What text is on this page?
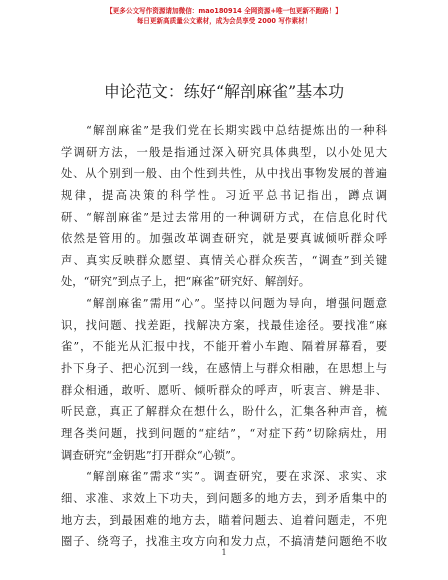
【更多公文写作资源请加微信：mao180914 全网资源+唯一包更新不跑路！】
每日更新高质量公文素材，成为会员享受 2000 写作素材！
申论范文：练好“解剖麻雀”基本功
　　“解剖麻雀”是我们党在长期实践中总结提炼出的一种科
学调研方法，一般是指通过深入研究具体典型，以小处见大
处、从个别到一般、由个性到共性，从中找出事物发展的普遍
规律，提高决策的科学性。习近平总书记指出，蹲点调
研、“解剖麻雀”是过去常用的一种调研方式，在信息化时代
依然是管用的。加强改革调查研究，就是要真诚倾听群众呼
声、真实反映群众愿望、真情关心群众疾苦，“调查”到关键
处，“研究”到点子上，把“麻雀”研究好、解剖好。
　　“解剖麻雀”需用“心”。坚持以问题为导向，增强问题意
识，找问题、找差距，找解决方案，找最佳途径。要找准“麻
雀”，不能光从汇报中找，不能开着小车跑、隔着屏幕看，要
扑下身子、把心沉到一线，在感情上与群众相融，在思想上与
群众相通，敢听、愿听、倾听群众的呼声，听衷言、辨是非、
听民意，真正了解群众在想什么，盼什么，汇集各种声音，梳
理各类问题，找到问题的“症结”，“对症下药”切除病灶，用
调查研究“金钥匙”打开群众“心锁”。
　　“解剖麻雀”需求“实”。调查研究，要在求深、求实、求
细、求准、求效上下功夫，到问题多的地方去，到矛盾集中的
地方去，到最困难的地方去，瞄着问题去、追着问题走，不兜
圈子、绕弯子，找准主攻方向和发力点，不搞清楚问题绝不收
1
